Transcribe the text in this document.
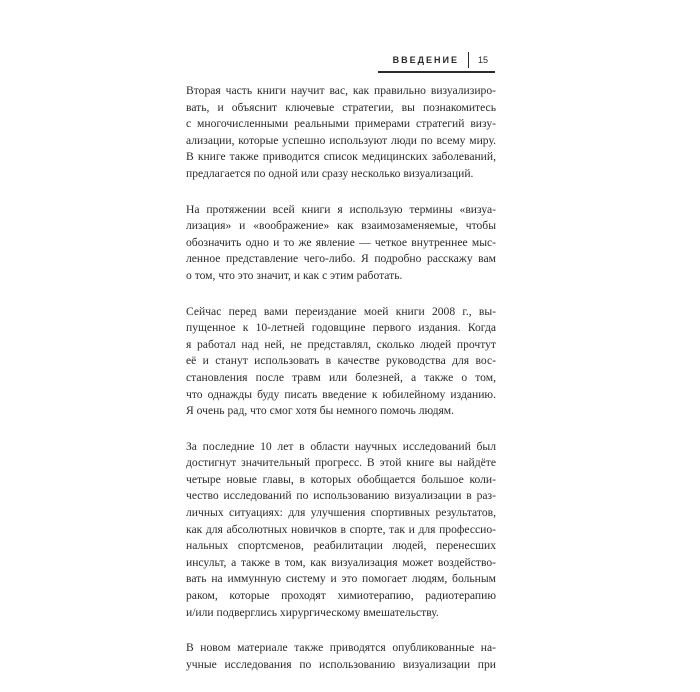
ВВЕДЕНИЕ	15
Вторая часть книги научит вас, как правильно визуализиро-
вать, и объяснит ключевые стратегии, вы познакомитесь
с многочисленными реальными примерами стратегий визу-
ализации, которые успешно используют люди по всему миру.
В книге также приводится список медицинских заболеваний,
предлагается по одной или сразу несколько визуализаций.
На протяжении всей книги я использую термины «визуа-
лизация» и «воображение» как взаимозаменяемые, чтобы
обозначить одно и то же явление — четкое внутреннее мыс-
ленное представление чего-либо. Я подробно расскажу вам
о том, что это значит, и как с этим работать.
Сейчас перед вами переиздание моей книги 2008 г., вы-
пущенное к 10-летней годовщине первого издания. Когда
я работал над ней, не представлял, сколько людей прочтут
её и станут использовать в качестве руководства для вос-
становления после травм или болезней, а также о том,
что однажды буду писать введение к юбилейному изданию.
Я очень рад, что смог хотя бы немного помочь людям.
За последние 10 лет в области научных исследований был
достигнут значительный прогресс. В этой книге вы найдёте
четыре новые главы, в которых обобщается большое коли-
чество исследований по использованию визуализации в раз-
личных ситуациях: для улучшения спортивных результатов,
как для абсолютных новичков в спорте, так и для профессио-
нальных спортсменов, реабилитации людей, перенесших
инсульт, а также в том, как визуализация может воздейство-
вать на иммунную систему и это помогает людям, больным
раком, которые проходят химиотерапию, радиотерапию
и/или подверглись хирургическому вмешательству.
В новом материале также приводятся опубликованные на-
учные исследования по использованию визуализации при
